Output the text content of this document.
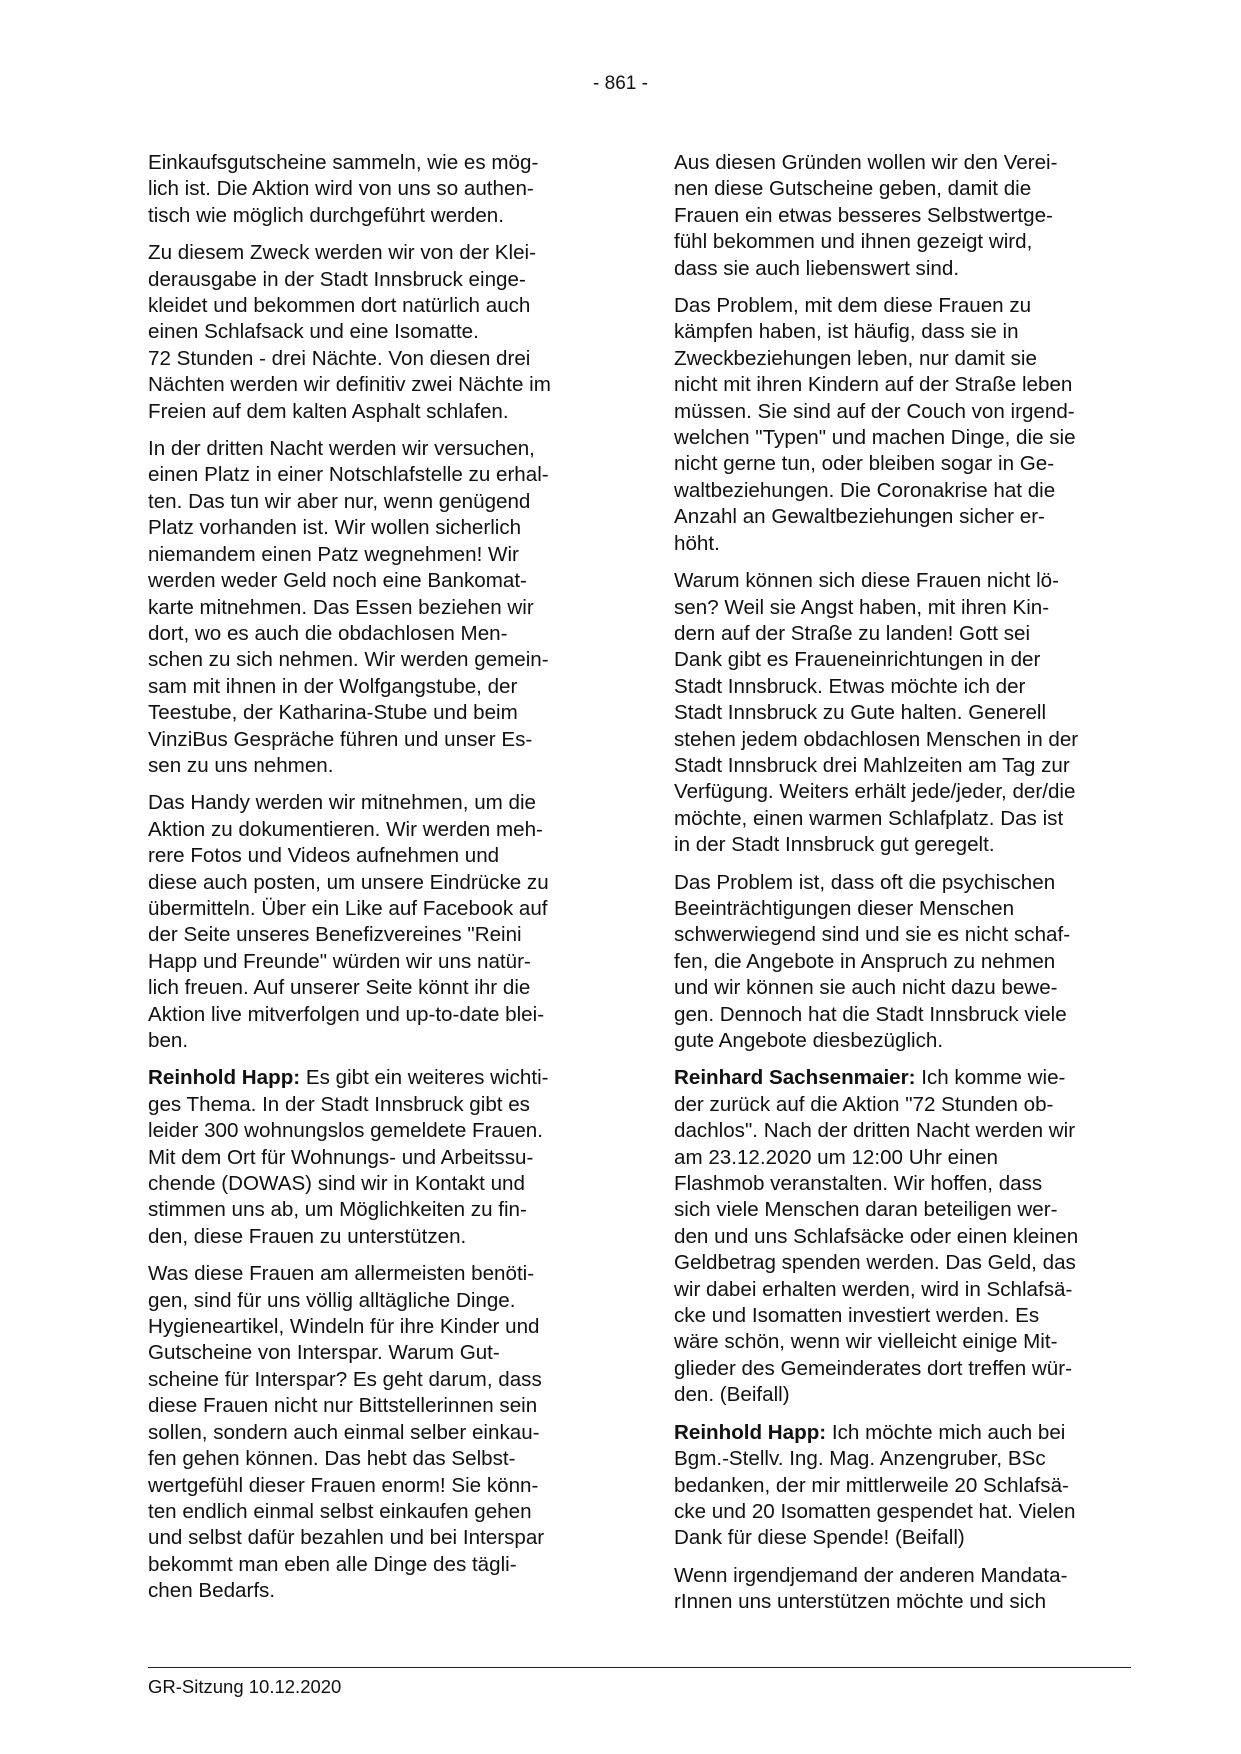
- 861 -

Einkaufsgutscheine sammeln, wie es mög-
lich ist. Die Aktion wird von uns so authen-
tisch wie möglich durchgeführt werden.

Zu diesem Zweck werden wir von der Klei-
derausgabe in der Stadt Innsbruck einge-
kleidet und bekommen dort natürlich auch
einen Schlafsack und eine Isomatte.
72 Stunden - drei Nächte. Von diesen drei
Nächten werden wir definitiv zwei Nächte im
Freien auf dem kalten Asphalt schlafen.

In der dritten Nacht werden wir versuchen,
einen Platz in einer Notschlafstelle zu erhal-
ten. Das tun wir aber nur, wenn genügend
Platz vorhanden ist. Wir wollen sicherlich
niemandem einen Patz wegnehmen! Wir
werden weder Geld noch eine Bankomat-
karte mitnehmen. Das Essen beziehen wir
dort, wo es auch die obdachlosen Men-
schen zu sich nehmen. Wir werden gemein-
sam mit ihnen in der Wolfgangstube, der
Teestube, der Katharina-Stube und beim
VinziBus Gespräche führen und unser Es-
sen zu uns nehmen.

Das Handy werden wir mitnehmen, um die
Aktion zu dokumentieren. Wir werden meh-
rere Fotos und Videos aufnehmen und
diese auch posten, um unsere Eindrücke zu
übermitteln. Über ein Like auf Facebook auf
der Seite unseres Benefizvereines "Reini
Happ und Freunde" würden wir uns natür-
lich freuen. Auf unserer Seite könnt ihr die
Aktion live mitverfolgen und up-to-date blei-
ben.

Reinhold Happ: Es gibt ein weiteres wichti-
ges Thema. In der Stadt Innsbruck gibt es
leider 300 wohnungslos gemeldete Frauen.
Mit dem Ort für Wohnungs- und Arbeitssu-
chende (DOWAS) sind wir in Kontakt und
stimmen uns ab, um Möglichkeiten zu fin-
den, diese Frauen zu unterstützen.

Was diese Frauen am allermeisten benöti-
gen, sind für uns völlig alltägliche Dinge.
Hygieneartikel, Windeln für ihre Kinder und
Gutscheine von Interspar. Warum Gut-
scheine für Interspar? Es geht darum, dass
diese Frauen nicht nur Bittstellerinnen sein
sollen, sondern auch einmal selber einkau-
fen gehen können. Das hebt das Selbst-
wertgefühl dieser Frauen enorm! Sie könn-
ten endlich einmal selbst einkaufen gehen
und selbst dafür bezahlen und bei Interspar
bekommt man eben alle Dinge des tägli-
chen Bedarfs.

Aus diesen Gründen wollen wir den Verei-
nen diese Gutscheine geben, damit die
Frauen ein etwas besseres Selbstwertge-
fühl bekommen und ihnen gezeigt wird,
dass sie auch liebenswert sind.

Das Problem, mit dem diese Frauen zu
kämpfen haben, ist häufig, dass sie in
Zweckbeziehungen leben, nur damit sie
nicht mit ihren Kindern auf der Straße leben
müssen. Sie sind auf der Couch von irgend-
welchen "Typen" und machen Dinge, die sie
nicht gerne tun, oder bleiben sogar in Ge-
waltbeziehungen. Die Coronakrise hat die
Anzahl an Gewaltbeziehungen sicher er-
höht.

Warum können sich diese Frauen nicht lö-
sen? Weil sie Angst haben, mit ihren Kin-
dern auf der Straße zu landen! Gott sei
Dank gibt es Fraueneinrichtungen in der
Stadt Innsbruck. Etwas möchte ich der
Stadt Innsbruck zu Gute halten. Generell
stehen jedem obdachlosen Menschen in der
Stadt Innsbruck drei Mahlzeiten am Tag zur
Verfügung. Weiters erhält jede/jeder, der/die
möchte, einen warmen Schlafplatz. Das ist
in der Stadt Innsbruck gut geregelt.

Das Problem ist, dass oft die psychischen
Beeinträchtigungen dieser Menschen
schwerwiegend sind und sie es nicht schaf-
fen, die Angebote in Anspruch zu nehmen
und wir können sie auch nicht dazu bewe-
gen. Dennoch hat die Stadt Innsbruck viele
gute Angebote diesbezüglich.

Reinhard Sachsenmaier: Ich komme wie-
der zurück auf die Aktion "72 Stunden ob-
dachlos". Nach der dritten Nacht werden wir
am 23.12.2020 um 12:00 Uhr einen
Flashmob veranstalten. Wir hoffen, dass
sich viele Menschen daran beteiligen wer-
den und uns Schlafsäcke oder einen kleinen
Geldbetrag spenden werden. Das Geld, das
wir dabei erhalten werden, wird in Schlafsä-
cke und Isomatten investiert werden. Es
wäre schön, wenn wir vielleicht einige Mit-
glieder des Gemeinderates dort treffen wür-
den. (Beifall)

Reinhold Happ: Ich möchte mich auch bei
Bgm.-Stellv. Ing. Mag. Anzengruber, BSc
bedanken, der mir mittlerweile 20 Schlafsä-
cke und 20 Isomatten gespendet hat. Vielen
Dank für diese Spende! (Beifall)

Wenn irgendjemand der anderen Mandata-
rInnen uns unterstützen möchte und sich

GR-Sitzung 10.12.2020
